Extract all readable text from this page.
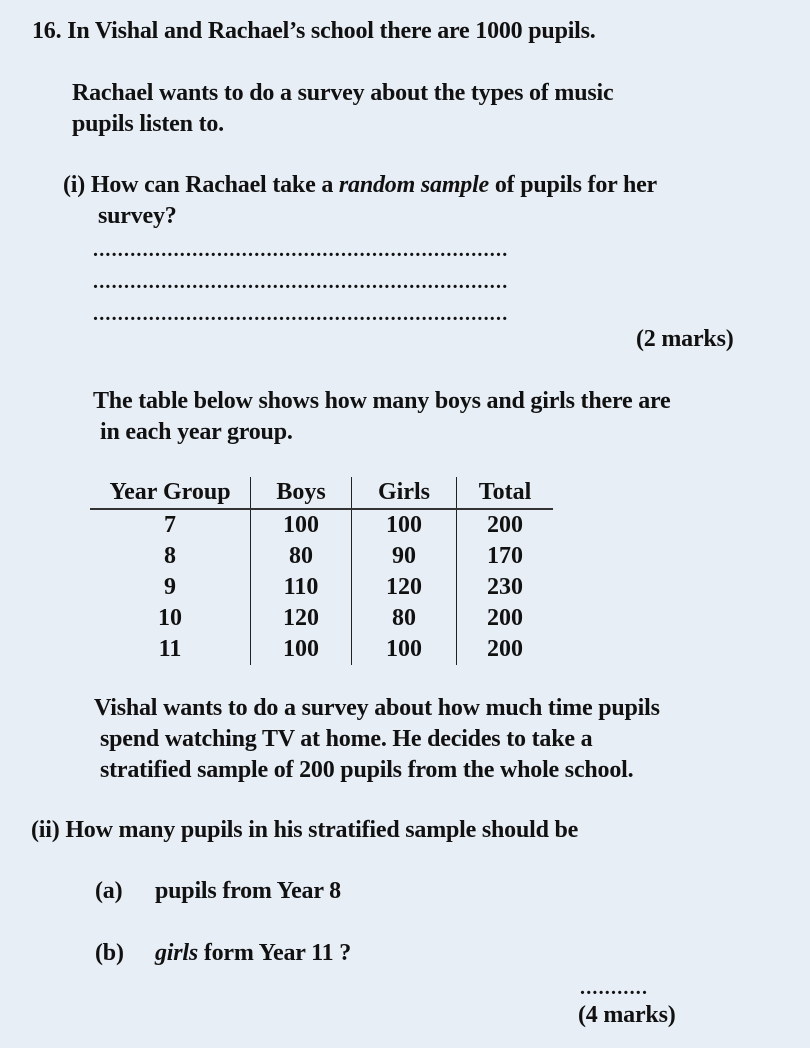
16. In Vishal and Rachael’s school there are 1000 pupils.
Rachael wants to do a survey about the types of music
pupils listen to.
(i) How can Rachael take a random sample of pupils for her
survey?
...................................................................
...................................................................
...................................................................
(2 marks)
The table below shows how many boys and girls there are
in each year group.
Year Group	Boys	Girls	Total
7	100	100	200
8	80	90	170
9	110	120	230
10	120	80	200
11	100	100	200
Vishal wants to do a survey about how much time pupils
spend watching TV at home. He decides to take a
stratified sample of 200 pupils from the whole school.
(ii) How many pupils in his stratified sample should be
(a) pupils from Year 8
(b) girls form Year 11 ?
...........
(4 marks)
